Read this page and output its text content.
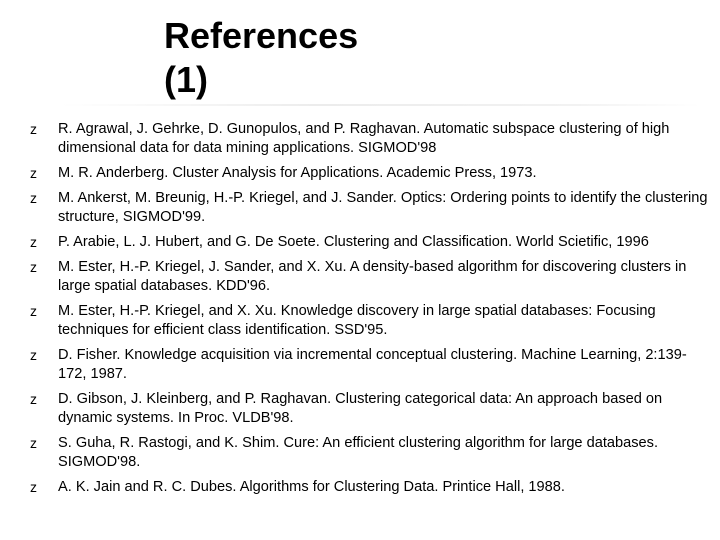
References
(1)
z R. Agrawal, J. Gehrke, D. Gunopulos, and P. Raghavan. Automatic subspace clustering of high dimensional data for data mining applications. SIGMOD'98
z M. R. Anderberg. Cluster Analysis for Applications. Academic Press, 1973.
z M. Ankerst, M. Breunig, H.-P. Kriegel, and J. Sander. Optics: Ordering points to identify the clustering structure, SIGMOD'99.
z P. Arabie, L. J. Hubert, and G. De Soete. Clustering and Classification. World Scietific, 1996
z M. Ester, H.-P. Kriegel, J. Sander, and X. Xu. A density-based algorithm for discovering clusters in large spatial databases. KDD'96.
z M. Ester, H.-P. Kriegel, and X. Xu. Knowledge discovery in large spatial databases: Focusing techniques for efficient class identification. SSD'95.
z D. Fisher. Knowledge acquisition via incremental conceptual clustering. Machine Learning, 2:139-172, 1987.
z D. Gibson, J. Kleinberg, and P. Raghavan. Clustering categorical data: An approach based on dynamic systems. In Proc. VLDB'98.
z S. Guha, R. Rastogi, and K. Shim. Cure: An efficient clustering algorithm for large databases. SIGMOD'98.
z A. K. Jain and R. C. Dubes. Algorithms for Clustering Data. Printice Hall, 1988.
